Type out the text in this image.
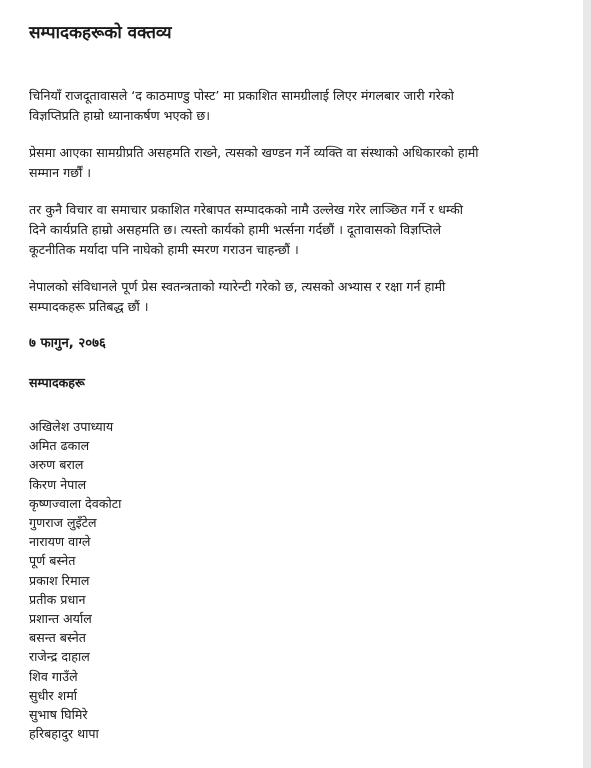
सम्पादकहरूको वक्तव्य

चिनियाँ राजदूतावासले ‘द काठमाण्डु पोस्ट’ मा प्रकाशित सामग्रीलाई लिएर मंगलबार जारी गरेको
विज्ञप्तिप्रति हाम्रो ध्यानाकर्षण भएको छ।

प्रेसमा आएका सामग्रीप्रति असहमति राख्ने, त्यसको खण्डन गर्ने व्यक्ति वा संस्थाको अधिकारको हामी
सम्मान गर्छौं ।

तर कुनै विचार वा समाचार प्रकाशित गरेबापत सम्पादकको नामै उल्लेख गरेर लाञ्छित गर्ने र धम्की
दिने कार्यप्रति हाम्रो असहमति छ। त्यस्तो कार्यको हामी भर्त्सना गर्दछौं । दूतावासको विज्ञप्तिले
कूटनीतिक मर्यादा पनि नाघेको हामी स्मरण गराउन चाहन्छौं ।

नेपालको संविधानले पूर्ण प्रेस स्वतन्त्रताको ग्यारेन्टी गरेको छ, त्यसको अभ्यास र रक्षा गर्न हामी
सम्पादकहरू प्रतिबद्ध छौं ।

७ फागुन, २०७६
सम्पादकहरू
अखिलेश उपाध्याय
अमित ढकाल
अरुण बराल
किरण नेपाल
कृष्णज्वाला देवकोटा
गुणराज लुइँटेल
नारायण वाग्ले
पूर्ण बस्नेत
प्रकाश रिमाल
प्रतीक प्रधान
प्रशान्त अर्याल
बसन्त बस्नेत
राजेन्द्र दाहाल
शिव गाउँले
सुधीर शर्मा
सुभाष घिमिरे
हरिबहादुर थापा
